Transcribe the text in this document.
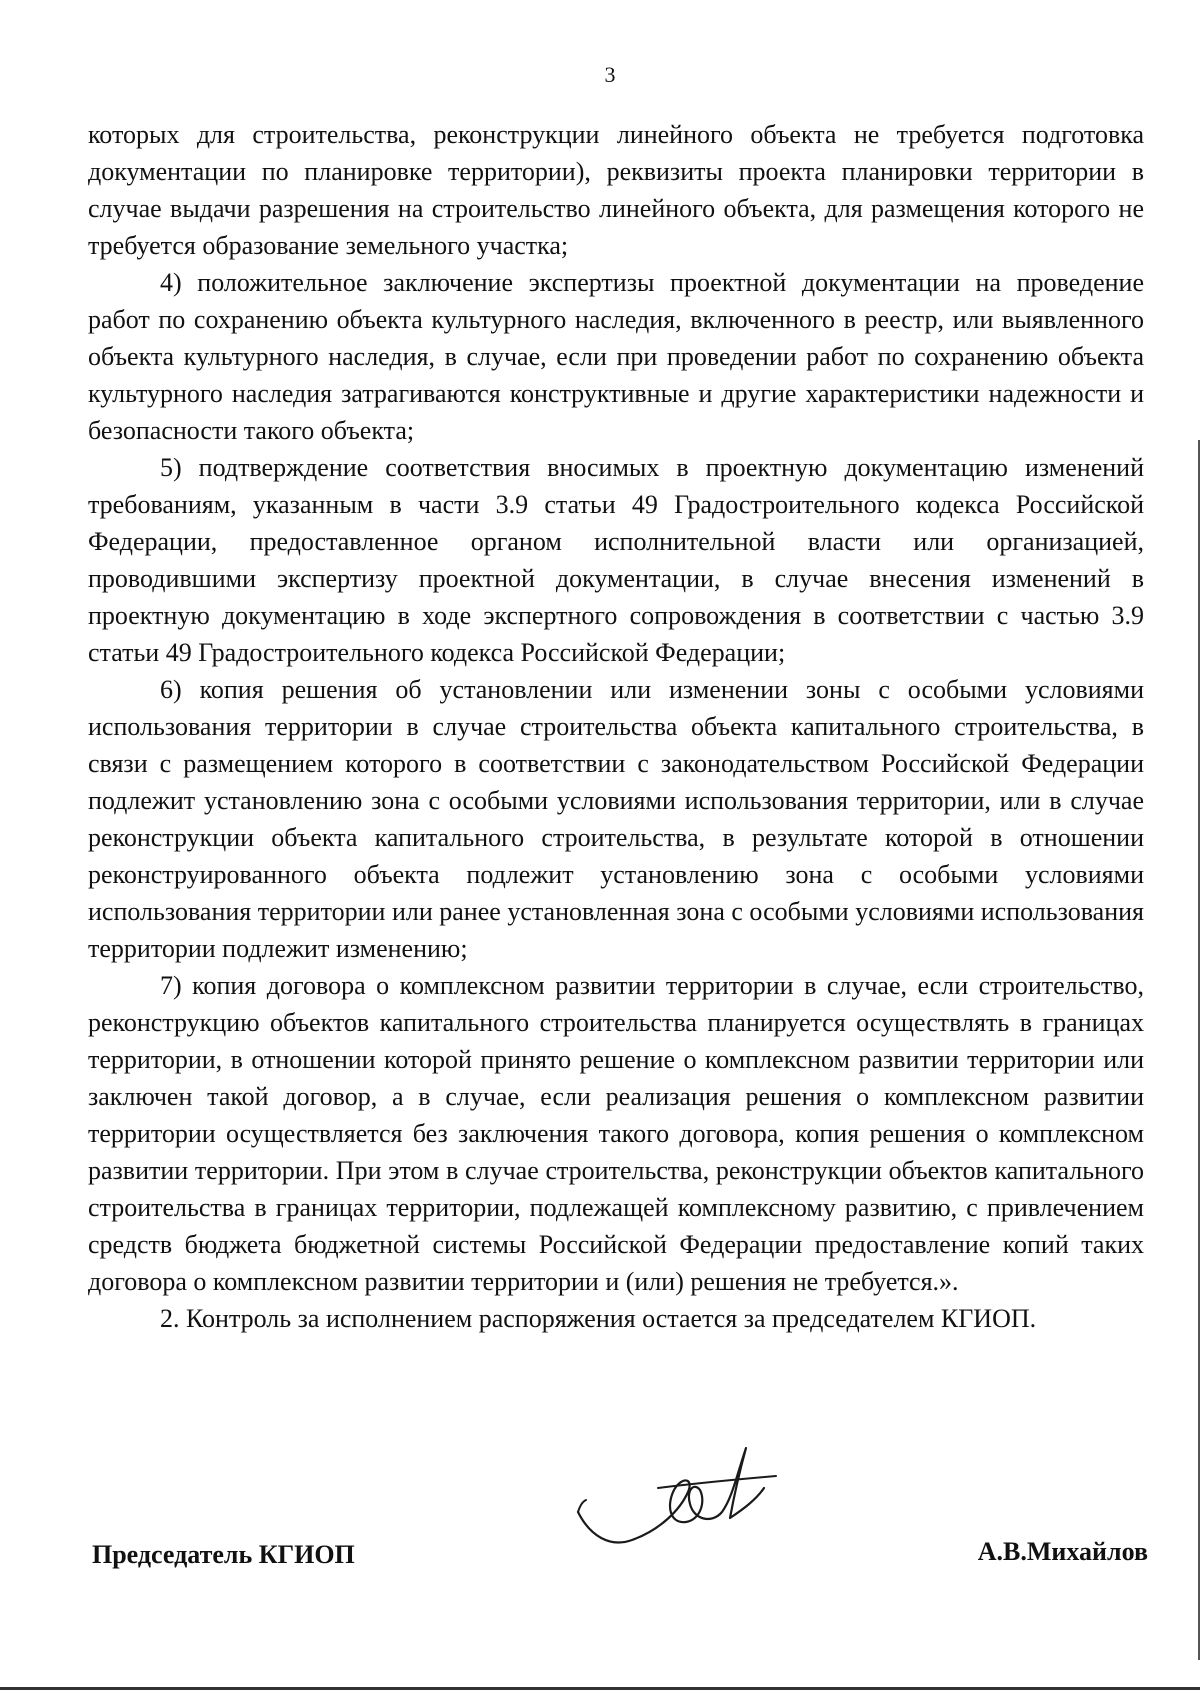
3

которых для строительства, реконструкции линейного объекта не требуется подготовка документации по планировке территории), реквизиты проекта планировки территории в случае выдачи разрешения на строительство линейного объекта, для размещения которого не требуется образование земельного участка;

4) положительное заключение экспертизы проектной документации на проведение работ по сохранению объекта культурного наследия, включенного в реестр, или выявленного объекта культурного наследия, в случае, если при проведении работ по сохранению объекта культурного наследия затрагиваются конструктивные и другие характеристики надежности и безопасности такого объекта;

5) подтверждение соответствия вносимых в проектную документацию изменений требованиям, указанным в части 3.9 статьи 49 Градостроительного кодекса Российской Федерации, предоставленное органом исполнительной власти или организацией, проводившими экспертизу проектной документации, в случае внесения изменений в проектную документацию в ходе экспертного сопровождения в соответствии с частью 3.9 статьи 49 Градостроительного кодекса Российской Федерации;

6) копия решения об установлении или изменении зоны с особыми условиями использования территории в случае строительства объекта капитального строительства, в связи с размещением которого в соответствии с законодательством Российской Федерации подлежит установлению зона с особыми условиями использования территории, или в случае реконструкции объекта капитального строительства, в результате которой в отношении реконструированного объекта подлежит установлению зона с особыми условиями использования территории или ранее установленная зона с особыми условиями использования территории подлежит изменению;

7) копия договора о комплексном развитии территории в случае, если строительство, реконструкцию объектов капитального строительства планируется осуществлять в границах территории, в отношении которой принято решение о комплексном развитии территории или заключен такой договор, а в случае, если реализация решения о комплексном развитии территории осуществляется без заключения такого договора, копия решения о комплексном развитии территории. При этом в случае строительства, реконструкции объектов капитального строительства в границах территории, подлежащей комплексному развитию, с привлечением средств бюджета бюджетной системы Российской Федерации предоставление копий таких договора о комплексном развитии территории и (или) решения не требуется.».

2. Контроль за исполнением распоряжения остается за председателем КГИОП.

Председатель КГИОП	А.В.Михайлов
